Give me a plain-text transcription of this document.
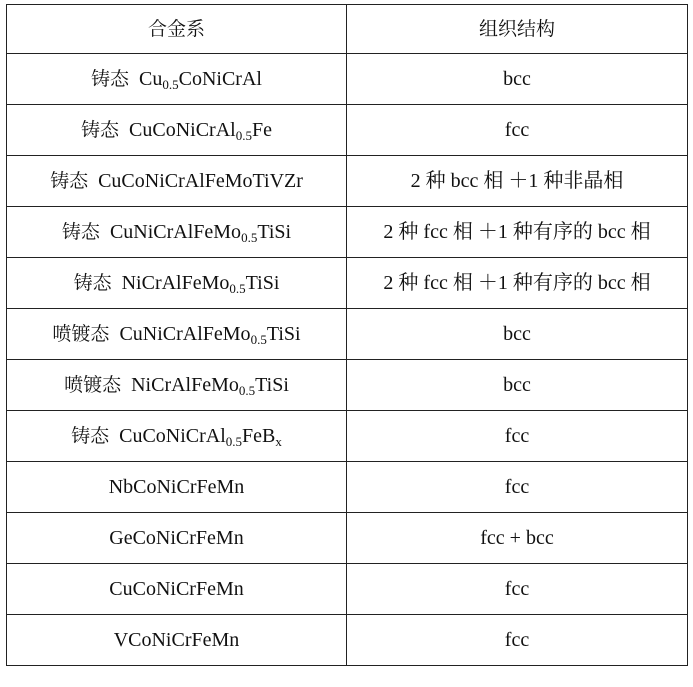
合金系	组织结构
铸态 $Cu_{0.5}CoNiCrAl$	bcc
铸态 CuCoNiCrAl$_{0.5}$Fe	fcc
铸态 CuCoNiCrAlFeMoTiVZr	2 种 bcc 相 ＋1 种非晶相
铸态 CuNiCrAlFeMo$_{0.5}$TiSi	2 种 fcc 相 ＋1 种有序的 bcc 相
铸态 NiCrAlFeMo$_{0.5}$TiSi	2 种 fcc 相 ＋1 种有序的 bcc 相
喷镀态 CuNiCrAlFeMo$_{0.5}$TiSi	bcc
喷镀态 NiCrAlFeMo$_{0.5}$TiSi	bcc
铸态 CuCoNiCrAl$_{0.5}$FeB$_x$	fcc
NbCoNiCrFeMn	fcc
GeCoNiCrFeMn	fcc + bcc
CuCoNiCrFeMn	fcc
VCoNiCrFeMn	fcc
